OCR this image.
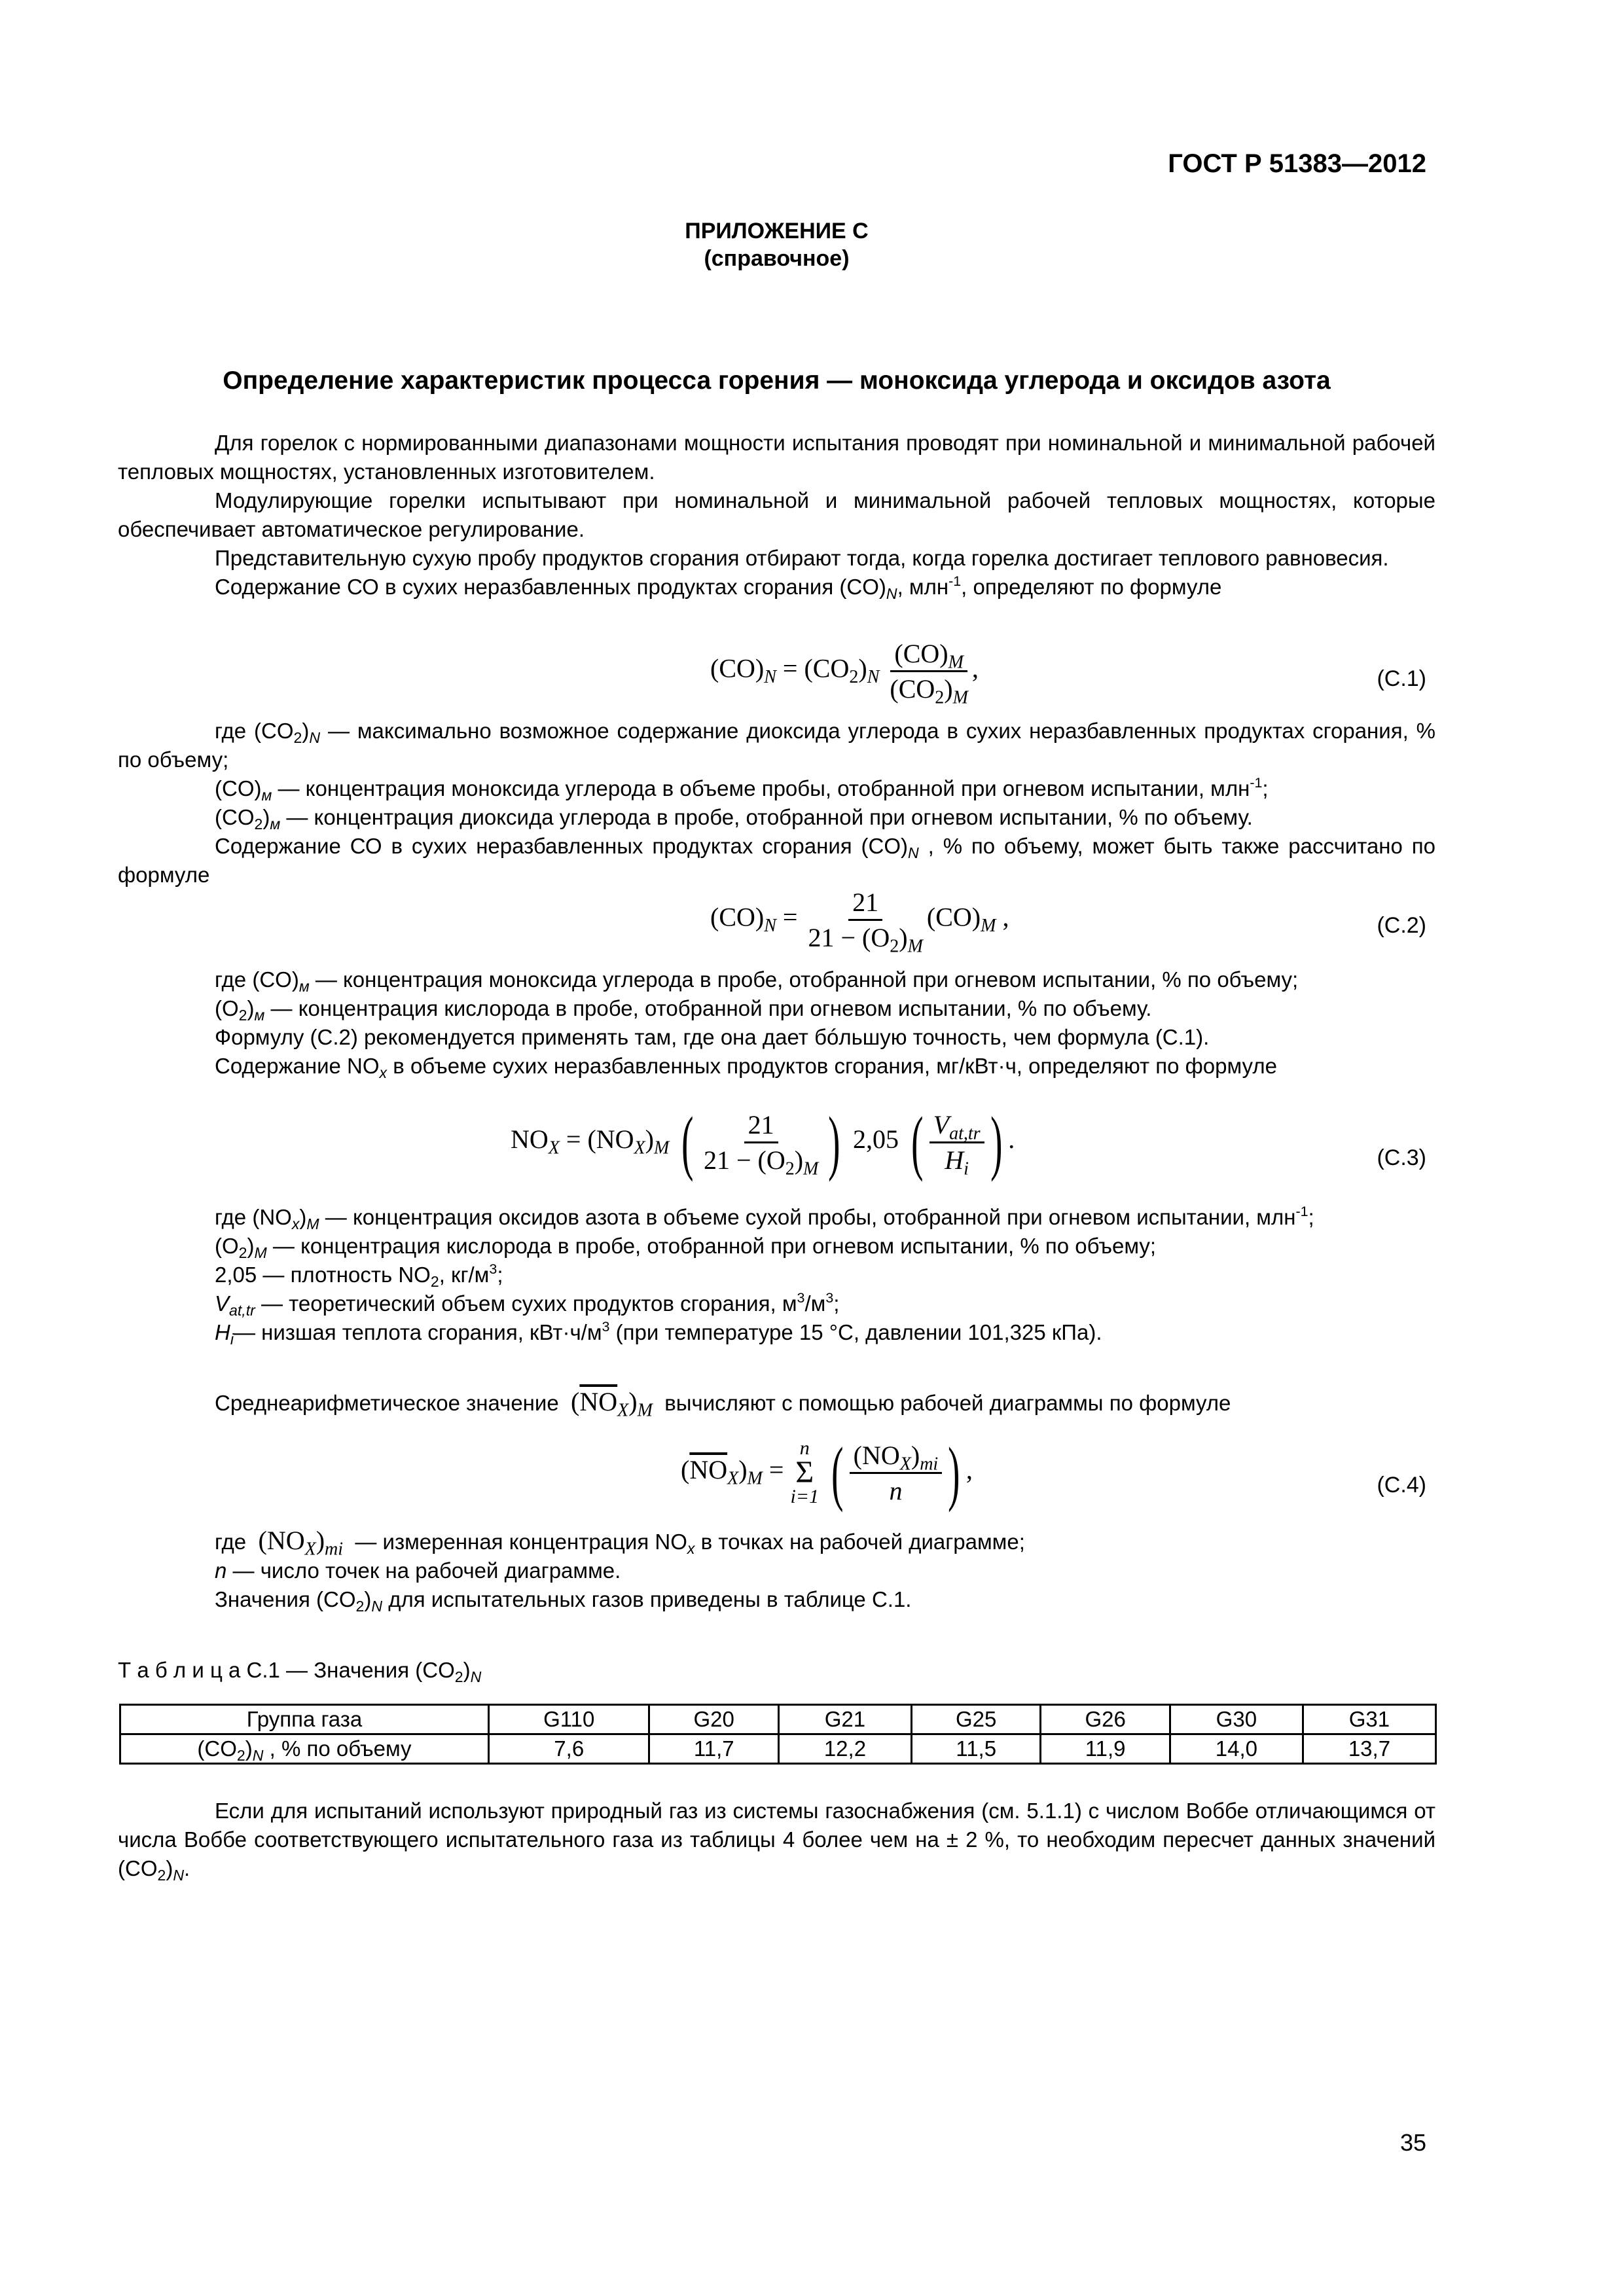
ГОСТ Р 51383—2012
ПРИЛОЖЕНИЕ С
(справочное)
Определение характеристик процесса горения — моноксида углерода и оксидов азота

Для горелок с нормированными диапазонами мощности испытания проводят при номинальной и минимальной рабочей тепловых мощностях, установленных изготовителем.

Модулирующие горелки испытывают при номинальной и минимальной рабочей тепловых мощностях, которые обеспечивает автоматическое регулирование.

Представительную сухую пробу продуктов сгорания отбирают тогда, когда горелка достигает теплового равновесия.

Содержание СО в сухих неразбавленных продуктах сгорания $(CO)_N$, млн$^{-1}$, определяют по формуле

$(CO)_N = (CO_2)_N \frac{(CO)_M}{(CO_2)_M}$ ,	(С.1)

где $(CO_2)_N$ — максимально возможное содержание диоксида углерода в сухих неразбавленных продуктах сгорания, % по объему;

$(CO)_м$ — концентрация моноксида углерода в объеме пробы, отобранной при огневом испытании, млн$^{-1}$;

$(CO_2)_м$ — концентрация диоксида углерода в пробе, отобранной при огневом испытании, % по объему.

Содержание СО в сухих неразбавленных продуктах сгорания $(CO)_N$ , % по объему, может быть также рассчитано по формуле

$(CO)_N = \frac{21}{21 - (O_2)_M} (CO)_M$ ,	(С.2)

где $(CO)_м$ — концентрация моноксида углерода в пробе, отобранной при огневом испытании, % по объему;

$(O_2)_м$ — концентрация кислорода в пробе, отобранной при огневом испытании, % по объему.

Формулу (С.2) рекомендуется применять там, где она дает бóльшую точность, чем формула (С.1).

Содержание $NO_x$ в объеме сухих неразбавленных продуктов сгорания, мг/кВт·ч, определяют по формуле

$NO_X = (NO_X)_M$ ( $\frac{21}{21 - (O_2)_M}$ ) 2,05 ( $\frac{V_{at,tr}}{H_i}$ ) .
(С.3)

где $(NO_x)_M$ — концентрация оксидов азота в объеме сухой пробы, отобранной при огневом испытании, млн$^{-1}$;

$(O_2)_M$ — концентрация кислорода в пробе, отобранной при огневом испытании, % по объему;

2,05 — плотность $NO_2$, $кг/м^3$;

$V_{at,tr}$ — теоретический объем сухих продуктов сгорания, $м^3/м^3$;

$H_i—$ низшая теплота сгорания, $кВт\cdot ч/м^3$ (при температуре 15 °С, давлении 101,325 кПа).

Среднеарифметическое значение $(\overline{NO}_X)_M$ вычисляют с помощью рабочей диаграммы по формуле

$(\overline{NO}_X)_M$ =
n
Σ
i=1 ( $\frac{(NO_X)_{mi}}{n}$ ) ,
(С.4)

где $(NO_X)_{mi}$ — измеренная концентрация $NO_x$ в точках на рабочей диаграмме;

n — число точек на рабочей диаграмме.

Значения $(CO_2)_N$ для испытательных газов приведены в таблице С.1.

Т а б л и ц а С.1 — Значения $(CO_2)_N$

Группа газа	G110	G20	G21	G25	G26	G30	G31
$(CO_2)_N$ , % по объему	7,6	11,7	12,2	11,5	11,9	14,0	13,7

Если для испытаний используют природный газ из системы газоснабжения (см. 5.1.1) с числом Воббе отличающимся от числа Воббе соответствующего испытательного газа из таблицы 4 более чем на ± 2 %, то необходим пересчет данных значений $(CO_2)_N$.

35
